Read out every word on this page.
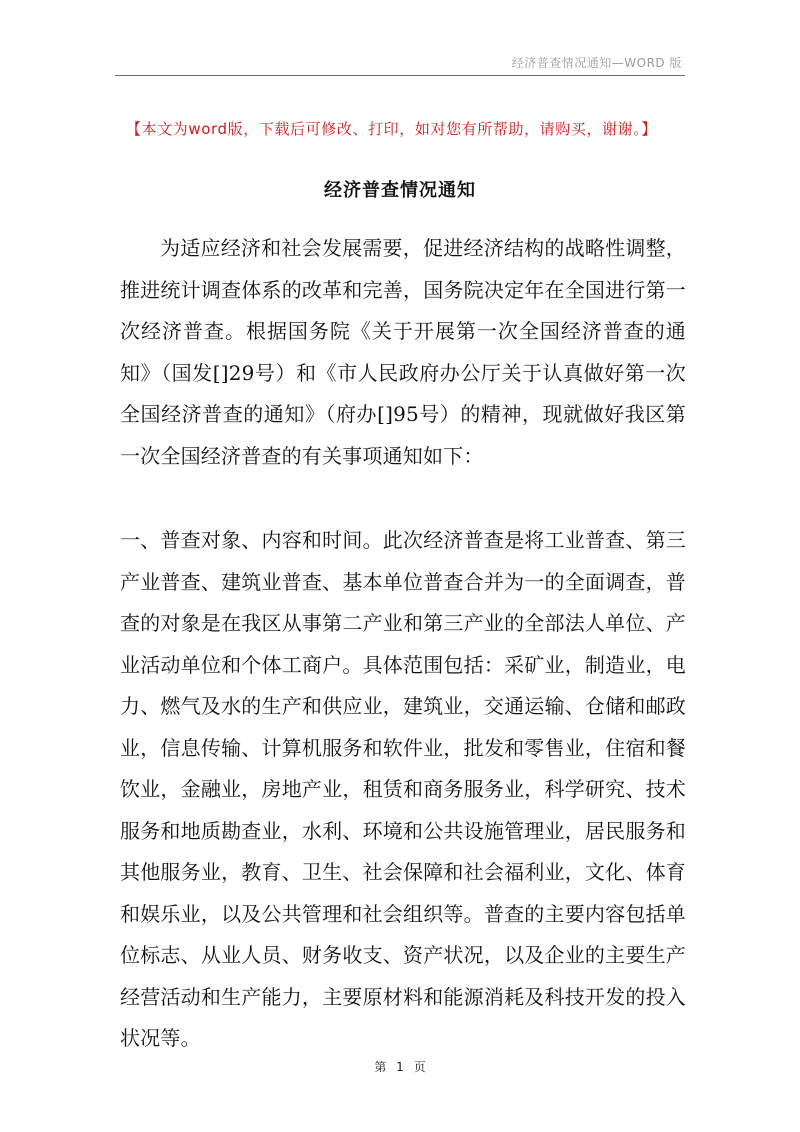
经济普查情况通知—WORD 版
【本文为word版，下载后可修改、打印，如对您有所帮助，请购买，谢谢。】
经济普查情况通知

为适应经济和社会发展需要，促进经济结构的战略性调整，推进统计调查体系的改革和完善，国务院决定年在全国进行第一次经济普查。根据国务院《关于开展第一次全国经济普查的通知》（国发[]29号）和《市人民政府办公厅关于认真做好第一次全国经济普查的通知》（府办[]95号）的精神，现就做好我区第一次全国经济普查的有关事项通知如下：

一、普查对象、内容和时间。此次经济普查是将工业普查、第三产业普查、建筑业普查、基本单位普查合并为一的全面调查，普查的对象是在我区从事第二产业和第三产业的全部法人单位、产业活动单位和个体工商户。具体范围包括：采矿业，制造业，电力、燃气及水的生产和供应业，建筑业，交通运输、仓储和邮政业，信息传输、计算机服务和软件业，批发和零售业，住宿和餐饮业，金融业，房地产业，租赁和商务服务业，科学研究、技术服务和地质勘查业，水利、环境和公共设施管理业，居民服务和其他服务业，教育、卫生、社会保障和社会福利业，文化、体育和娱乐业，以及公共管理和社会组织等。普查的主要内容包括单位标志、从业人员、财务收支、资产状况，以及企业的主要生产经营活动和生产能力，主要原材料和能源消耗及科技开发的投入状况等。

第 1 页
